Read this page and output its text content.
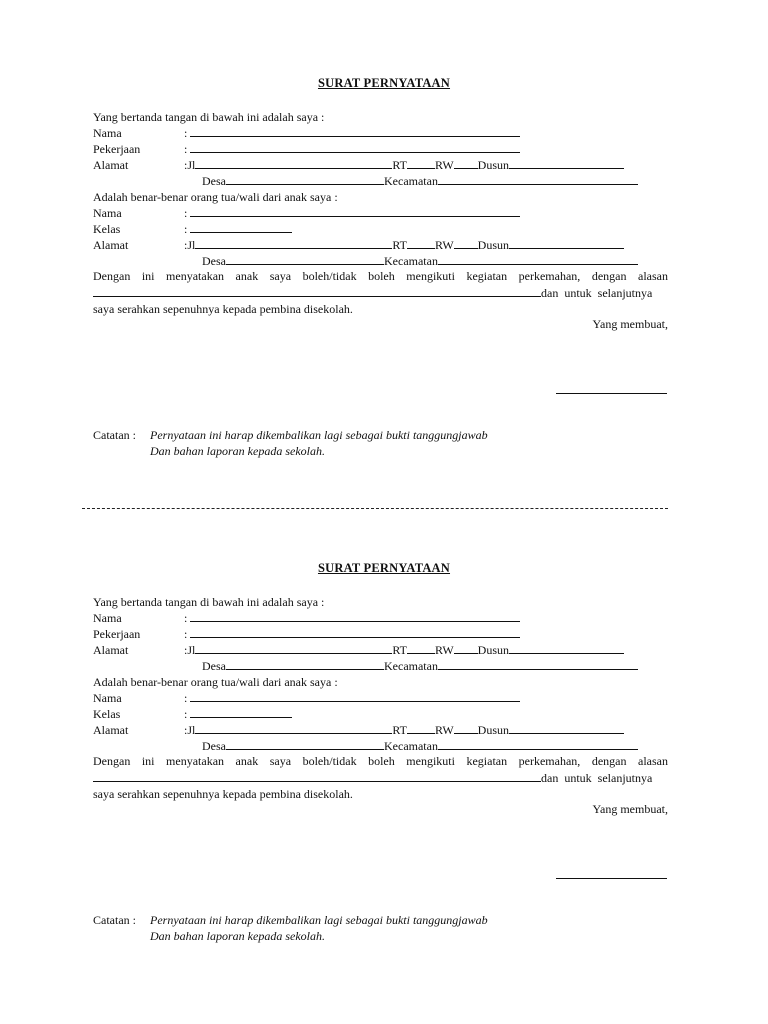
SURAT PERNYATAAN
Yang bertanda tangan di bawah ini adalah saya :
Nama	:
Pekerjaan	:
Alamat	:Jl	RT RW Dusun
Desa	Kecamatan
Adalah benar-benar orang tua/wali dari anak saya :
Nama	:
Kelas	:
Alamat	:Jl	RT RW Dusun
Desa	Kecamatan
Dengan ini menyatakan anak saya boleh/tidak boleh mengikuti kegiatan perkemahan, dengan alasan
dan untuk selanjutnya
saya serahkan sepenuhnya kepada pembina disekolah.
Yang membuat,
Catatan : Pernyataan ini harap dikembalikan lagi sebagai bukti tanggungjawab
Dan bahan laporan kepada sekolah.
SURAT PERNYATAAN
Yang bertanda tangan di bawah ini adalah saya :
Nama	:
Pekerjaan	:
Alamat	:Jl	RT RW Dusun
Desa	Kecamatan
Adalah benar-benar orang tua/wali dari anak saya :
Nama	:
Kelas	:
Alamat	:Jl	RT RW Dusun
Desa	Kecamatan
Dengan ini menyatakan anak saya boleh/tidak boleh mengikuti kegiatan perkemahan, dengan alasan
dan untuk selanjutnya
saya serahkan sepenuhnya kepada pembina disekolah.
Yang membuat,
Catatan : Pernyataan ini harap dikembalikan lagi sebagai bukti tanggungjawab
Dan bahan laporan kepada sekolah.
